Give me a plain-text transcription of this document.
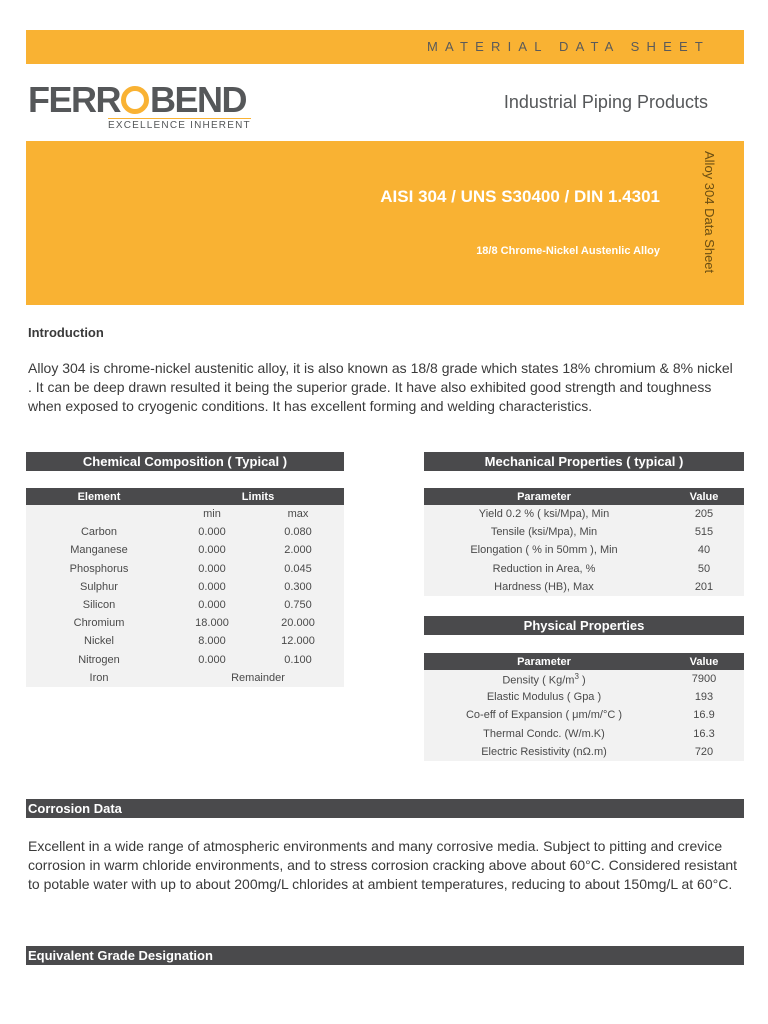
MATERIAL DATA SHEET
FERR BEND
EXCELLENCE INHERENT
Industrial Piping Products
AISI 304 / UNS S30400 / DIN 1.4301
18/8 Chrome-Nickel Austenlic Alloy	Alloy 304 Data Sheet
Introduction
Alloy 304 is chrome-nickel austenitic alloy, it is also known as 18/8 grade which states 18% chromium & 8% nickel . It can be deep drawn resulted it being the superior grade. It have also exhibited good strength and toughness when exposed to cryogenic conditions. It has excellent forming and welding characteristics.
Chemical Composition ( Typical )
Element	Limits	
	min	max
Carbon	0.000	0.080
Manganese	0.000	2.000
Phosphorus	0.000	0.045
Sulphur	0.000	0.300
Silicon	0.000	0.750
Chromium	18.000	20.000
Nickel	8.000	12.000
Nitrogen	0.000	0.100
Iron	Remainder	
Mechanical Properties ( typical )
Parameter	Value
Yield 0.2 % ( ksi/Mpa), Min	205
Tensile (ksi/Mpa), Min	515
Elongation ( % in 50mm ), Min	40
Reduction in Area, %	50
Hardness (HB), Max	201
Physical Properties
Parameter	Value
Density ( $Kg/m^3$ )	7900
Elastic Modulus ( Gpa )	193
Co-eff of Expansion ( μm/m/°C )	16.9
Thermal Condc. (W/m.K)	16.3
Electric Resistivity (nΩ.m)	720
Corrosion Data
Excellent in a wide range of atmospheric environments and many corrosive media. Subject to pitting and crevice corrosion in warm chloride environments, and to stress corrosion cracking above about 60°C. Considered resistant to potable water with up to about 200mg/L chlorides at ambient temperatures, reducing to about 150mg/L at 60°C.
Equivalent Grade Designation
